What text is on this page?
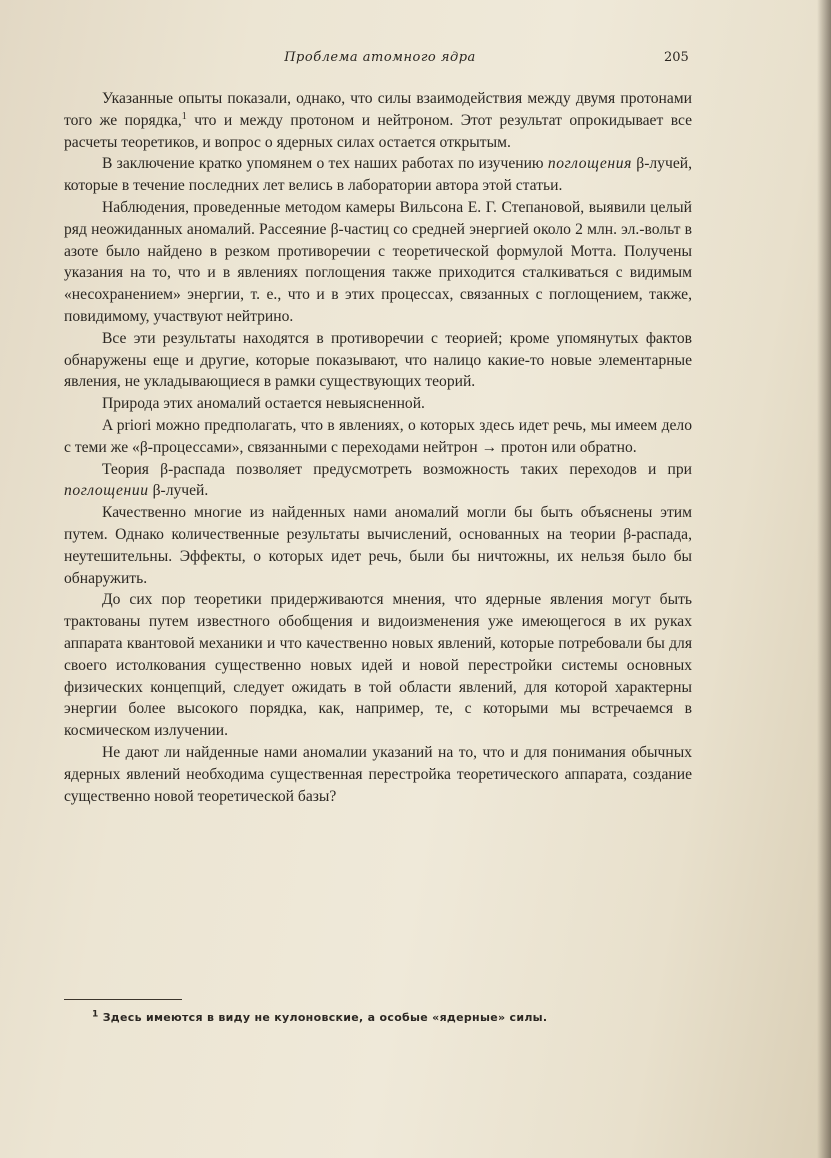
Проблема атомного ядра	205

Указанные опыты показали, однако, что силы взаимодействия между двумя протонами того же порядка,$^1$ что и между протоном и нейтроном. Этот результат опрокидывает все расчеты теоретиков, и вопрос о ядерных силах остается открытым.

В заключение кратко упомянем о тех наших работах по изучению поглощения β-лучей, которые в течение последних лет велись в лаборатории автора этой статьи.

Наблюдения, проведенные методом камеры Вильсона Е. Г. Степановой, выявили целый ряд неожиданных аномалий. Рассеяние β-частиц со средней энергией около 2 млн. эл.-вольт в азоте было найдено в резком противоречии с теоретической формулой Мотта. Получены указания на то, что и в явлениях поглощения также приходится сталкиваться с видимым «несохранением» энергии, т. е., что и в этих процессах, связанных с поглощением, также, повидимому, участвуют нейтрино.

Все эти результаты находятся в противоречии с теорией; кроме упомянутых фактов обнаружены еще и другие, которые показывают, что налицо какие-то новые элементарные явления, не укладывающиеся в рамки существующих теорий.

Природа этих аномалий остается невыясненной.

A priori можно предполагать, что в явлениях, о которых здесь идет речь, мы имеем дело с теми же «β-процессами», связанными с переходами нейтрон → протон или обратно.

Теория β-распада позволяет предусмотреть возможность таких переходов и при поглощении β-лучей.

Качественно многие из найденных нами аномалий могли бы быть объяснены этим путем. Однако количественные результаты вычислений, основанных на теории β-распада, неутешительны. Эффекты, о которых идет речь, были бы ничтожны, их нельзя было бы обнаружить.

До сих пор теоретики придерживаются мнения, что ядерные явления могут быть трактованы путем известного обобщения и видоизменения уже имеющегося в их руках аппарата квантовой механики и что качественно новых явлений, которые потребовали бы для своего истолкования существенно новых идей и новой перестройки системы основных физических концепций, следует ожидать в той области явлений, для которой характерны энергии более высокого порядка, как, например, те, с которыми мы встречаемся в космическом излучении.

Не дают ли найденные нами аномалии указаний на то, что и для понимания обычных ядерных явлений необходима существенная перестройка теоретического аппарата, создание существенно новой теоретической базы?

$^1$ Здесь имеются в виду не кулоновские, а особые «ядерные» силы.
